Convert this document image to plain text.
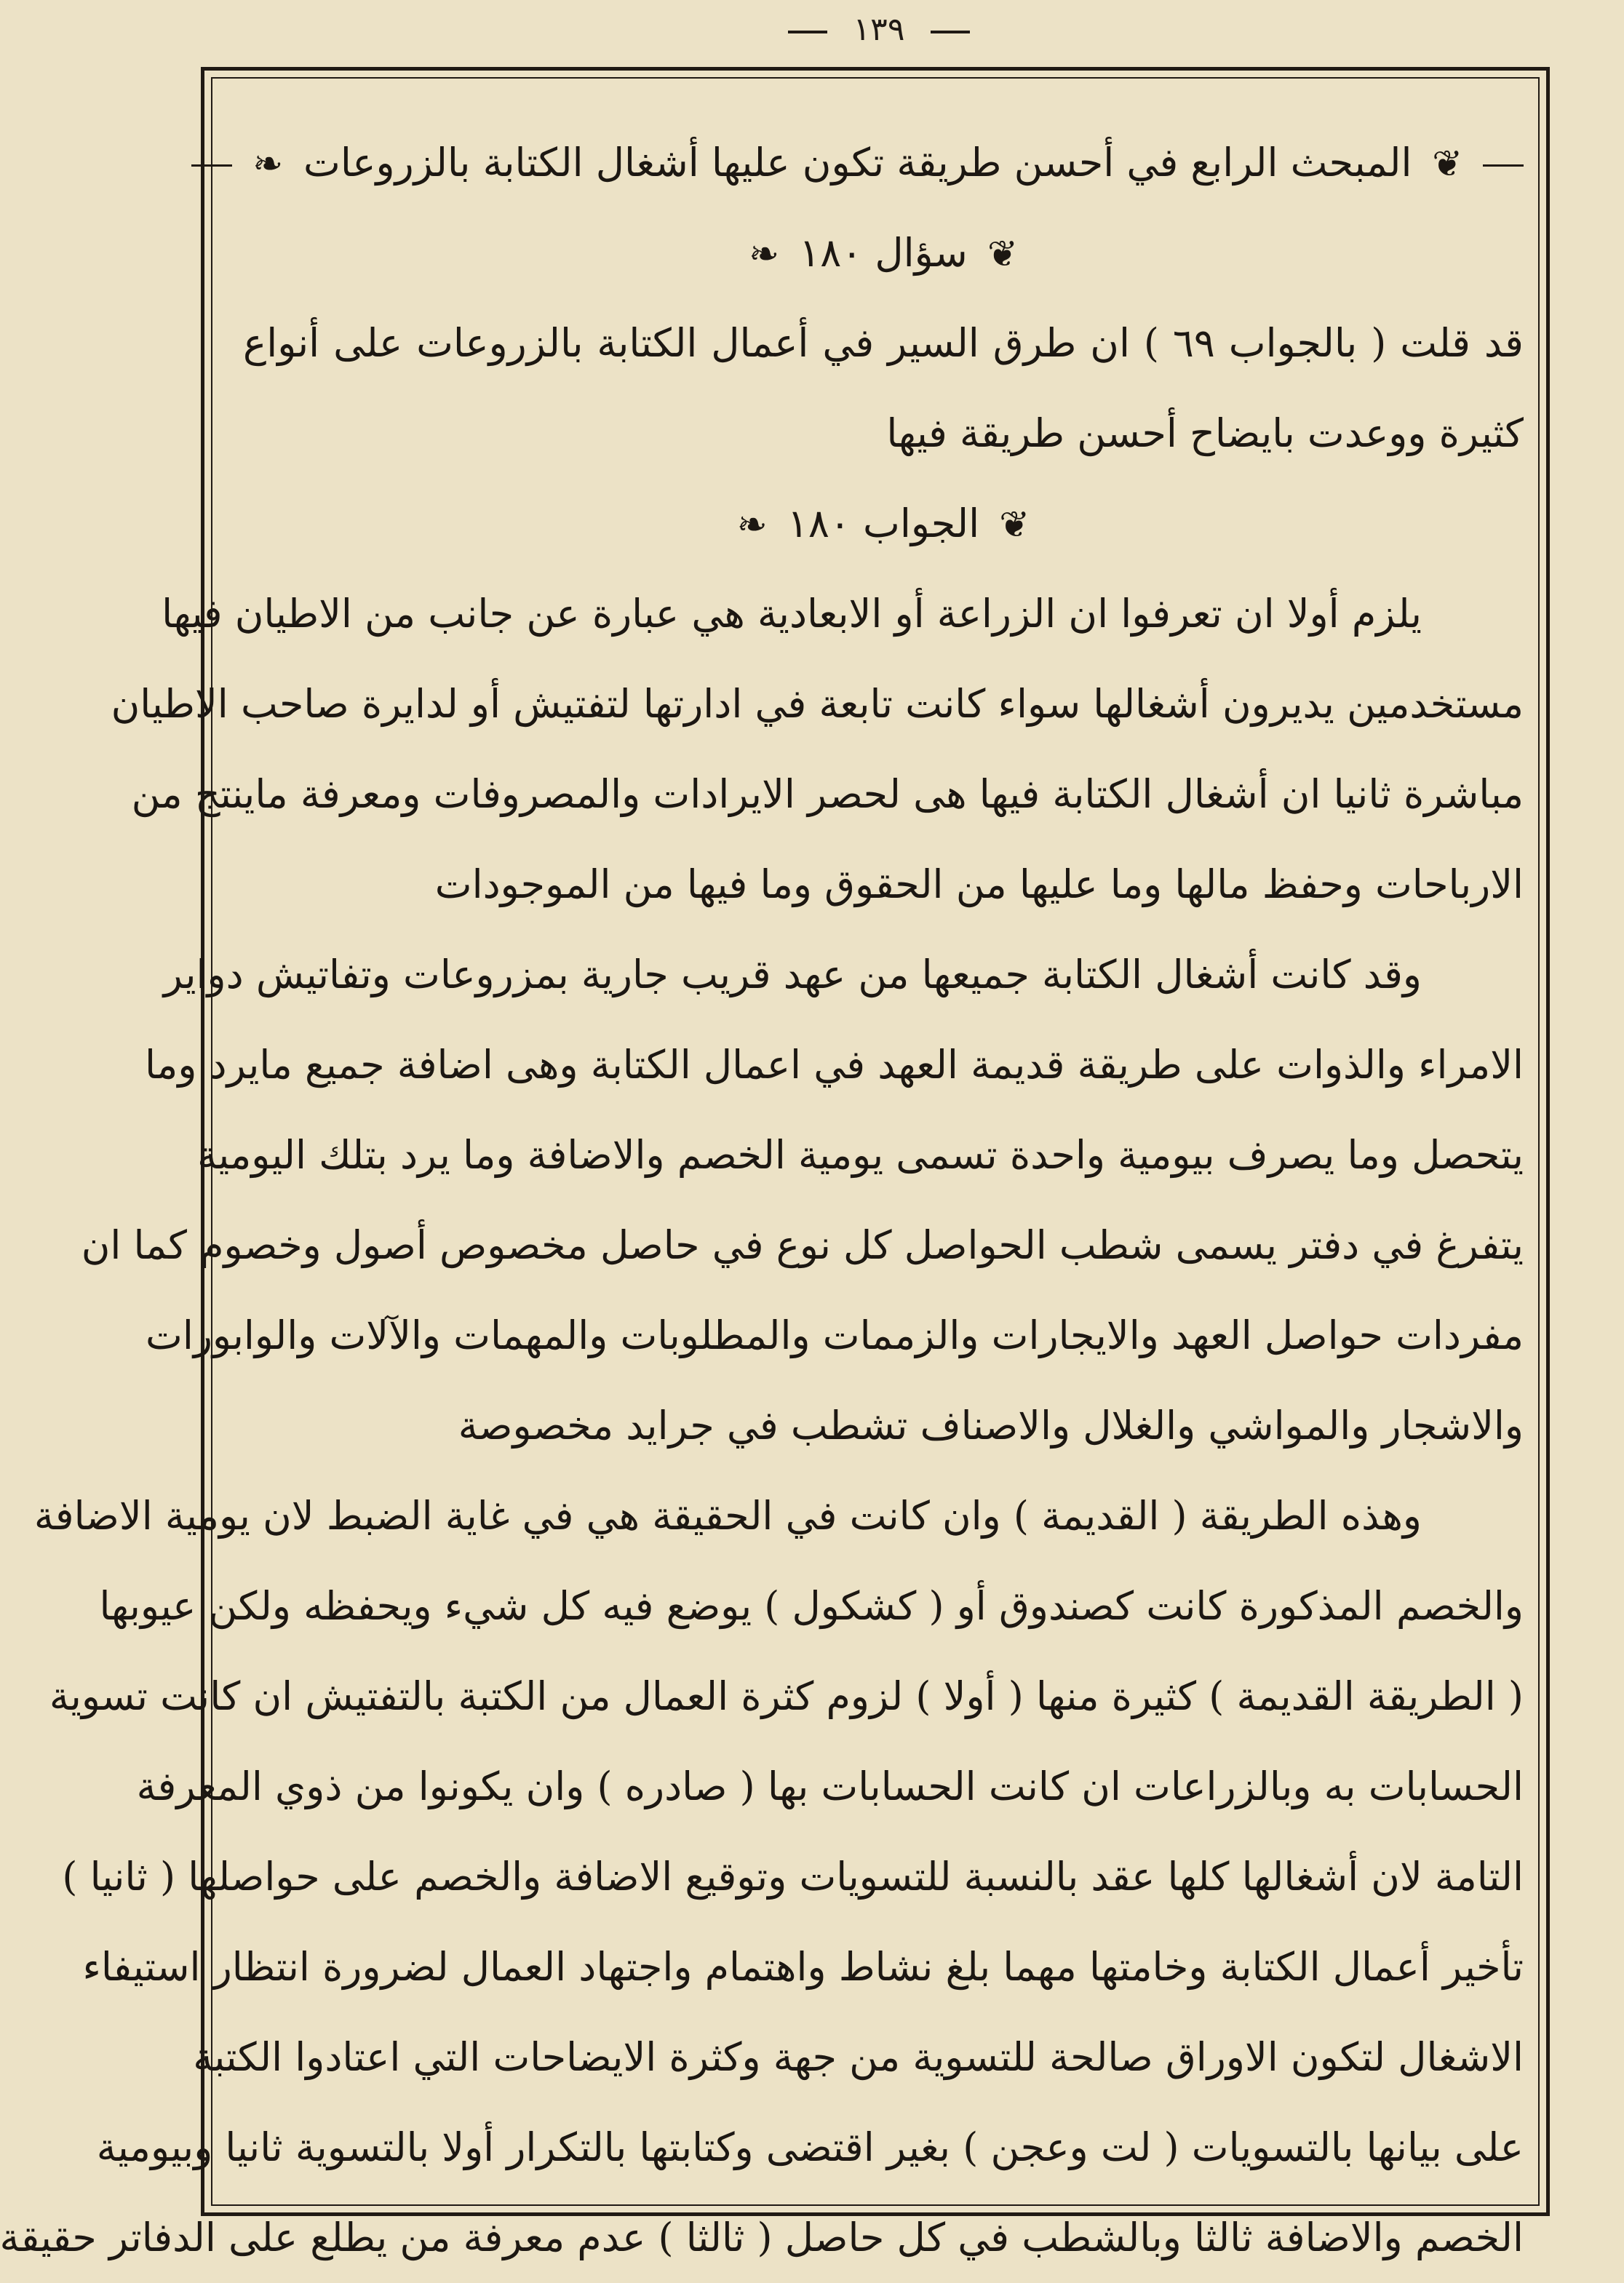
١٣٩
❦ المبحث الرابع في أحسن طريقة تكون عليها أشغال الكتابة بالزروعات ❧
❦ سؤال ١٨٠ ❧
قد قلت ( بالجواب ٦٩ ) ان طرق السير في أعمال الكتابة بالزروعات على أنواع
كثيرة ووعدت بايضاح أحسن طريقة فيها
❦ الجواب ١٨٠ ❧
يلزم أولا ان تعرفوا ان الزراعة أو الابعادية هي عبارة عن جانب من الاطيان فيها
مستخدمين يديرون أشغالها سواء كانت تابعة في ادارتها لتفتيش أو لدايرة صاحب الاطيان
مباشرة ثانيا ان أشغال الكتابة فيها هى لحصر الايرادات والمصروفات ومعرفة ماينتج من
الارباحات وحفظ مالها وما عليها من الحقوق وما فيها من الموجودات
وقد كانت أشغال الكتابة جميعها من عهد قريب جارية بمزروعات وتفاتيش دواير
الامراء والذوات على طريقة قديمة العهد في اعمال الكتابة وهى اضافة جميع مايرد وما
يتحصل وما يصرف بيومية واحدة تسمى يومية الخصم والاضافة وما يرد بتلك اليومية
يتفرغ في دفتر يسمى شطب الحواصل كل نوع في حاصل مخصوص أصول وخصوم كما ان
مفردات حواصل العهد والايجارات والزممات والمطلوبات والمهمات والآلات والوابورات
والاشجار والمواشي والغلال والاصناف تشطب في جرايد مخصوصة
وهذه الطريقة ( القديمة ) وان كانت في الحقيقة هي في غاية الضبط لان يومية الاضافة
والخصم المذكورة كانت كصندوق أو ( كشكول ) يوضع فيه كل شيء ويحفظه ولكن عيوبها
( الطريقة القديمة ) كثيرة منها ( أولا ) لزوم كثرة العمال من الكتبة بالتفتيش ان كانت تسوية
الحسابات به وبالزراعات ان كانت الحسابات بها ( صادره ) وان يكونوا من ذوي المعرفة
التامة لان أشغالها كلها عقد بالنسبة للتسويات وتوقيع الاضافة والخصم على حواصلها ( ثانيا )
تأخير أعمال الكتابة وخامتها مهما بلغ نشاط واهتمام واجتهاد العمال لضرورة انتظار استيفاء
الاشغال لتكون الاوراق صالحة للتسوية من جهة وكثرة الايضاحات التي اعتادوا الكتبة
على بيانها بالتسويات ( لت وعجن ) بغير اقتضى وكتابتها بالتكرار أولا بالتسوية ثانيا وبيومية
الخصم والاضافة ثالثا وبالشطب في كل حاصل ( ثالثا ) عدم معرفة من يطلع على الدفاتر حقيقة
